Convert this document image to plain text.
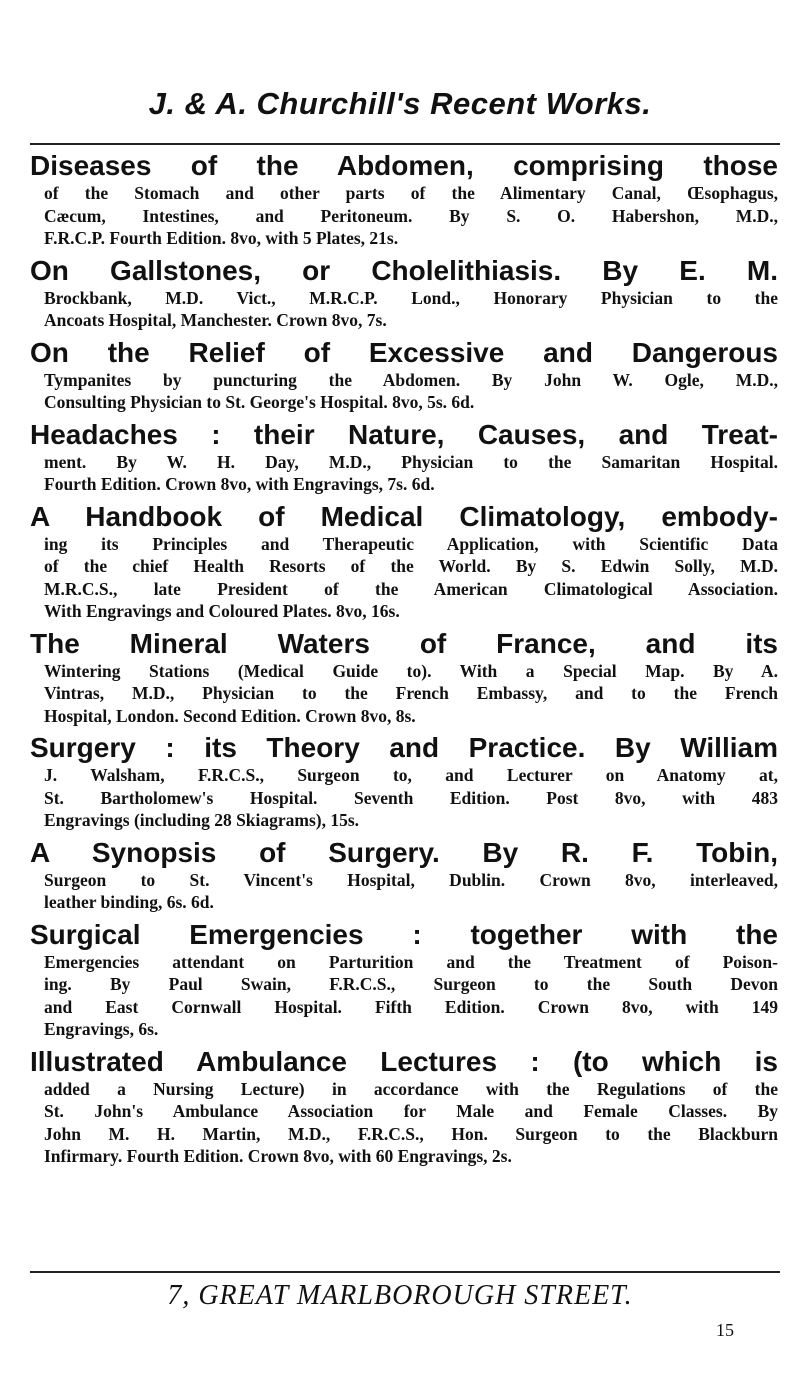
J. & A. Churchill's Recent Works.
Diseases of the Abdomen, comprising those
of the Stomach and other parts of the Alimentary Canal, Œsophagus,
Cæcum, Intestines, and Peritoneum. By S. O. Habershon, M.D.,
F.R.C.P. Fourth Edition. 8vo, with 5 Plates, 21s.
On Gallstones, or Cholelithiasis. By E. M.
Brockbank, M.D. Vict., M.R.C.P. Lond., Honorary Physician to the
Ancoats Hospital, Manchester. Crown 8vo, 7s.
On the Relief of Excessive and Dangerous
Tympanites by puncturing the Abdomen. By John W. Ogle, M.D.,
Consulting Physician to St. George's Hospital. 8vo, 5s. 6d.
Headaches : their Nature, Causes, and Treat-
ment. By W. H. Day, M.D., Physician to the Samaritan Hospital.
Fourth Edition. Crown 8vo, with Engravings, 7s. 6d.
A Handbook of Medical Climatology, embody-
ing its Principles and Therapeutic Application, with Scientific Data
of the chief Health Resorts of the World. By S. Edwin Solly, M.D.
M.R.C.S., late President of the American Climatological Association.
With Engravings and Coloured Plates. 8vo, 16s.
The Mineral Waters of France, and its
Wintering Stations (Medical Guide to). With a Special Map. By A.
Vintras, M.D., Physician to the French Embassy, and to the French
Hospital, London. Second Edition. Crown 8vo, 8s.
Surgery : its Theory and Practice. By William
J. Walsham, F.R.C.S., Surgeon to, and Lecturer on Anatomy at,
St. Bartholomew's Hospital. Seventh Edition. Post 8vo, with 483
Engravings (including 28 Skiagrams), 15s.
A Synopsis of Surgery. By R. F. Tobin,
Surgeon to St. Vincent's Hospital, Dublin. Crown 8vo, interleaved,
leather binding, 6s. 6d.
Surgical Emergencies : together with the
Emergencies attendant on Parturition and the Treatment of Poison-
ing. By Paul Swain, F.R.C.S., Surgeon to the South Devon
and East Cornwall Hospital. Fifth Edition. Crown 8vo, with 149
Engravings, 6s.
Illustrated Ambulance Lectures : (to which is
added a Nursing Lecture) in accordance with the Regulations of the
St. John's Ambulance Association for Male and Female Classes. By
John M. H. Martin, M.D., F.R.C.S., Hon. Surgeon to the Blackburn
Infirmary. Fourth Edition. Crown 8vo, with 60 Engravings, 2s.
7, GREAT MARLBOROUGH STREET.
15
